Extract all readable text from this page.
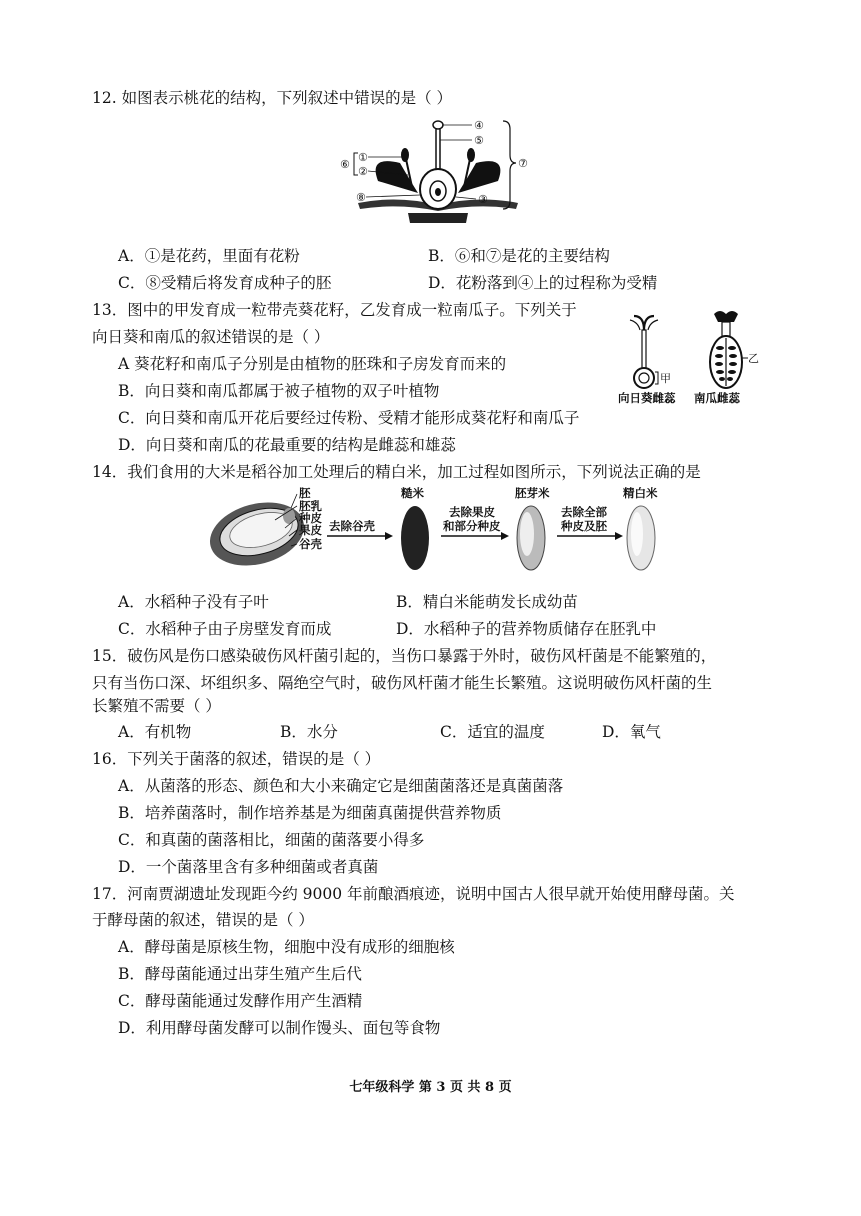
12. 如图表示桃花的结构，下列叙述中错误的是（ ）
④
⑤
①
②
⑥	⑦
⑧	③
A．①是花药，里面有花粉	B．⑥和⑦是花的主要结构
C．⑧受精后将发育成种子的胚	D．花粉落到④上的过程称为受精
13．图中的甲发育成一粒带壳葵花籽，乙发育成一粒南瓜子。下列关于
向日葵和南瓜的叙述错误的是（ ）
甲
乙
向日葵雌蕊 南瓜雌蕊
A 葵花籽和南瓜子分别是由植物的胚珠和子房发育而来的
B．向日葵和南瓜都属于被子植物的双子叶植物
C．向日葵和南瓜开花后要经过传粉、受精才能形成葵花籽和南瓜子
D．向日葵和南瓜的花最重要的结构是雌蕊和雄蕊
14．我们食用的大米是稻谷加工处理后的精白米，加工过程如图所示，下列说法正确的是
胚
胚乳
种皮
果皮
谷壳
去除谷壳
糙米
去除果皮
和部分种皮
胚芽米
去除全部
种皮及胚
精白米
A．水稻种子没有子叶	B．精白米能萌发长成幼苗
C．水稻种子由子房壁发育而成	D．水稻种子的营养物质储存在胚乳中
15．破伤风是伤口感染破伤风杆菌引起的，当伤口暴露于外时，破伤风杆菌是不能繁殖的，
只有当伤口深、坏组织多、隔绝空气时，破伤风杆菌才能生长繁殖。这说明破伤风杆菌的生
长繁殖不需要（ ）
A．有机物	B．水分	C．适宜的温度	D．氧气
16．下列关于菌落的叙述，错误的是（ ）
A．从菌落的形态、颜色和大小来确定它是细菌菌落还是真菌菌落
B．培养菌落时，制作培养基是为细菌真菌提供营养物质
C．和真菌的菌落相比，细菌的菌落要小得多
D．一个菌落里含有多种细菌或者真菌
17．河南贾湖遗址发现距今约 9000 年前酿酒痕迹，说明中国古人很早就开始使用酵母菌。关
于酵母菌的叙述，错误的是（ ）
A．酵母菌是原核生物，细胞中没有成形的细胞核
B．酵母菌能通过出芽生殖产生后代
C．酵母菌能通过发酵作用产生酒精
D．利用酵母菌发酵可以制作馒头、面包等食物
七年级科学 第 3 页 共 8 页
